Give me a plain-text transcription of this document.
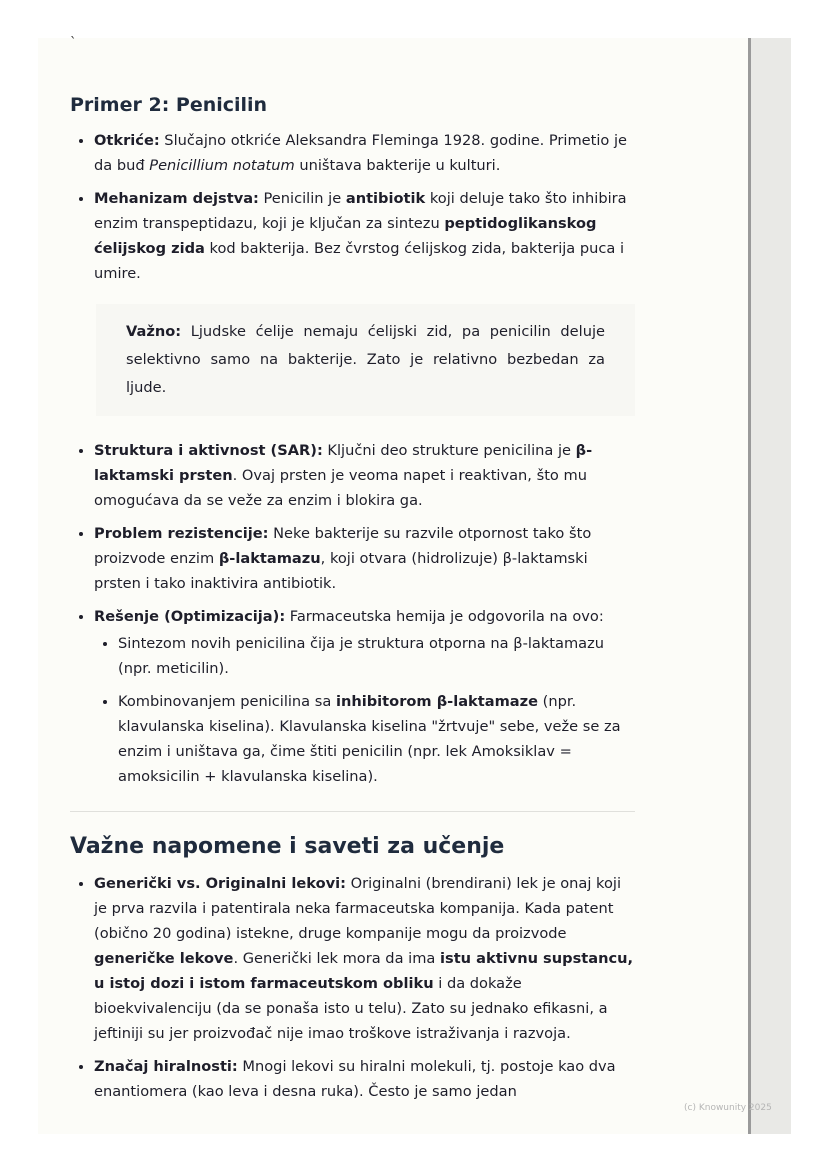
`
Primer 2: Penicilin
• Otkriće: Slučajno otkriće Aleksandra Fleminga 1928. godine. Primetio je da buđ Penicillium notatum uništava bakterije u kulturi.
• Mehanizam dejstva: Penicilin je antibiotik koji deluje tako što inhibira enzim transpeptidazu, koji je ključan za sintezu peptidoglikanskog ćelijskog zida kod bakterija. Bez čvrstog ćelijskog zida, bakterija puca i umire.
Važno: Ljudske ćelije nemaju ćelijski zid, pa penicilin deluje selektivno samo na bakterije. Zato je relativno bezbedan za ljude.
• Struktura i aktivnost (SAR): Ključni deo strukture penicilina je β-laktamski prsten. Ovaj prsten je veoma napet i reaktivan, što mu omogućava da se veže za enzim i blokira ga.
• Problem rezistencije: Neke bakterije su razvile otpornost tako što proizvode enzim β-laktamazu, koji otvara (hidrolizuje) β-laktamski prsten i tako inaktivira antibiotik.
• Rešenje (Optimizacija): Farmaceutska hemija je odgovorila na ovo:
• Sintezom novih penicilina čija je struktura otporna na β-laktamazu (npr. meticilin).
• Kombinovanjem penicilina sa inhibitorom β-laktamaze (npr. klavulanska kiselina). Klavulanska kiselina "žrtvuje" sebe, veže se za enzim i uništava ga, čime štiti penicilin (npr. lek Amoksiklav = amoksicilin + klavulanska kiselina).
Važne napomene i saveti za učenje
• Generički vs. Originalni lekovi: Originalni (brendirani) lek je onaj koji je prva razvila i patentirala neka farmaceutska kompanija. Kada patent (obično 20 godina) istekne, druge kompanije mogu da proizvode generičke lekove. Generički lek mora da ima istu aktivnu supstancu, u istoj dozi i istom farmaceutskom obliku i da dokaže bioekvivalenciju (da se ponaša isto u telu). Zato su jednako efikasni, a jeftiniji su jer proizvođač nije imao troškove istraživanja i razvoja.
• Značaj hiralnosti: Mnogi lekovi su hiralni molekuli, tj. postoje kao dva enantiomera (kao leva i desna ruka). Često je samo jedan
(c) Knowunity 2025
